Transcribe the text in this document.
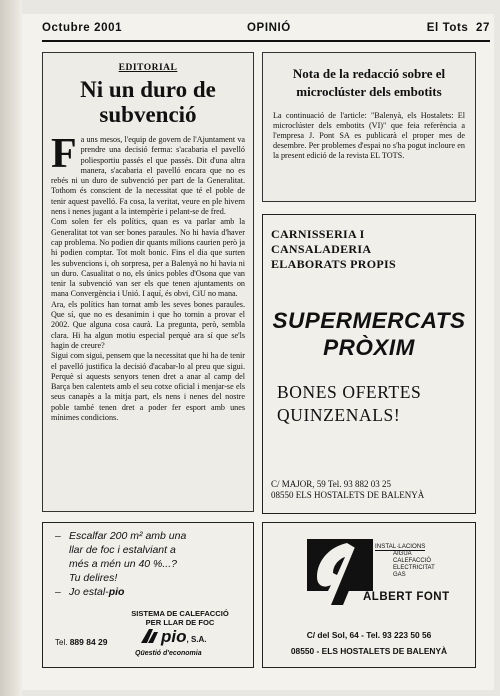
Octubre 2001	OPINIÓ	El Tots 27
EDITORIAL
Ni un duro de subvenció
F a uns mesos, l'equip de govern de l'Ajuntament va prendre una decisió ferma: s'acabaria el pavelló poliesportiu passés el que passés. Dit d'una altra manera, s'acabaria el pavelló encara que no es rebés ni un duro de subvenció per part de la Generalitat. Tothom és conscient de la necessitat que té el poble de tenir aquest pavelló. Fa cosa, la veritat, veure en ple hivern nens i nenes jugant a la intempèrie i pelant-se de fred.
Com solen fer els polítics, quan es va parlar amb la Generalitat tot van ser bones paraules. No hi havia d'haver cap problema. No podien dir quants milions caurien però ja hi podien comptar. Tot molt bonic. Fins el dia que surten les subvencions i, oh sorpresa, per a Balenyà no hi havia ni un duro. Casualitat o no, els únics pobles d'Osona que van tenir la subvenció van ser els que tenen ajuntaments on mana Convergència i Unió. I aquí, és obvi, CiU no mana.
Ara, els polítics han tornat amb les seves bones paraules. Que sí, que no es desanimin i que ho tornin a provar el 2002. Que alguna cosa caurà. La pregunta, però, sembla clara. Hi ha algun motiu especial perquè ara sí que se'ls hagin de creure?
Sigui com sigui, pensem que la necessitat que hi ha de tenir el pavelló justifica la decisió d'acabar-lo al preu que sigui. Perquè si aquests senyors tenen dret a anar al camp del Barça ben calentets amb el seu cotxe oficial i menjar-se els seus canapès a la mitja part, els nens i nenes del nostre poble també tenen dret a poder fer esport amb unes mínimes condicions.
Nota de la redacció sobre el microclúster dels embotits

La continuació de l'article: "Balenyà, els Hostalets: El microclúster dels embotits (VI)" que feia referència a l'empresa J. Pont SA es publicarà el proper mes de desembre. Per problemes d'espai no s'ha pogut incloure en la present edició de la revista EL TOTS.

CARNISSERIA I
CANSALADERIA
ELABORATS PROPIS
SUPERMERCATS
PRÒXIM
BONES OFERTES
QUINZENALS!
C/ MAJOR, 59 Tel. 93 882 03 25
08550 ELS HOSTALETS DE BALENYÀ
– Escalfar 200 m² amb una
llar de foc i estalviant a
més a mén un 40 %...?
Tu delires!
– Jo estal-pio
SISTEMA DE CALEFACCIÓ
PER LLAR DE FOC
pio, S.A.
Qüestió d'economia
Tel. 889 84 29
INSTAL·LACIONS
AIGUA
CALEFACCIÓ
ELECTRICITAT
GAS
ALBERT FONT
C/ del Sol, 64 - Tel. 93 223 50 56
08550 - ELS HOSTALETS DE BALENYÀ
